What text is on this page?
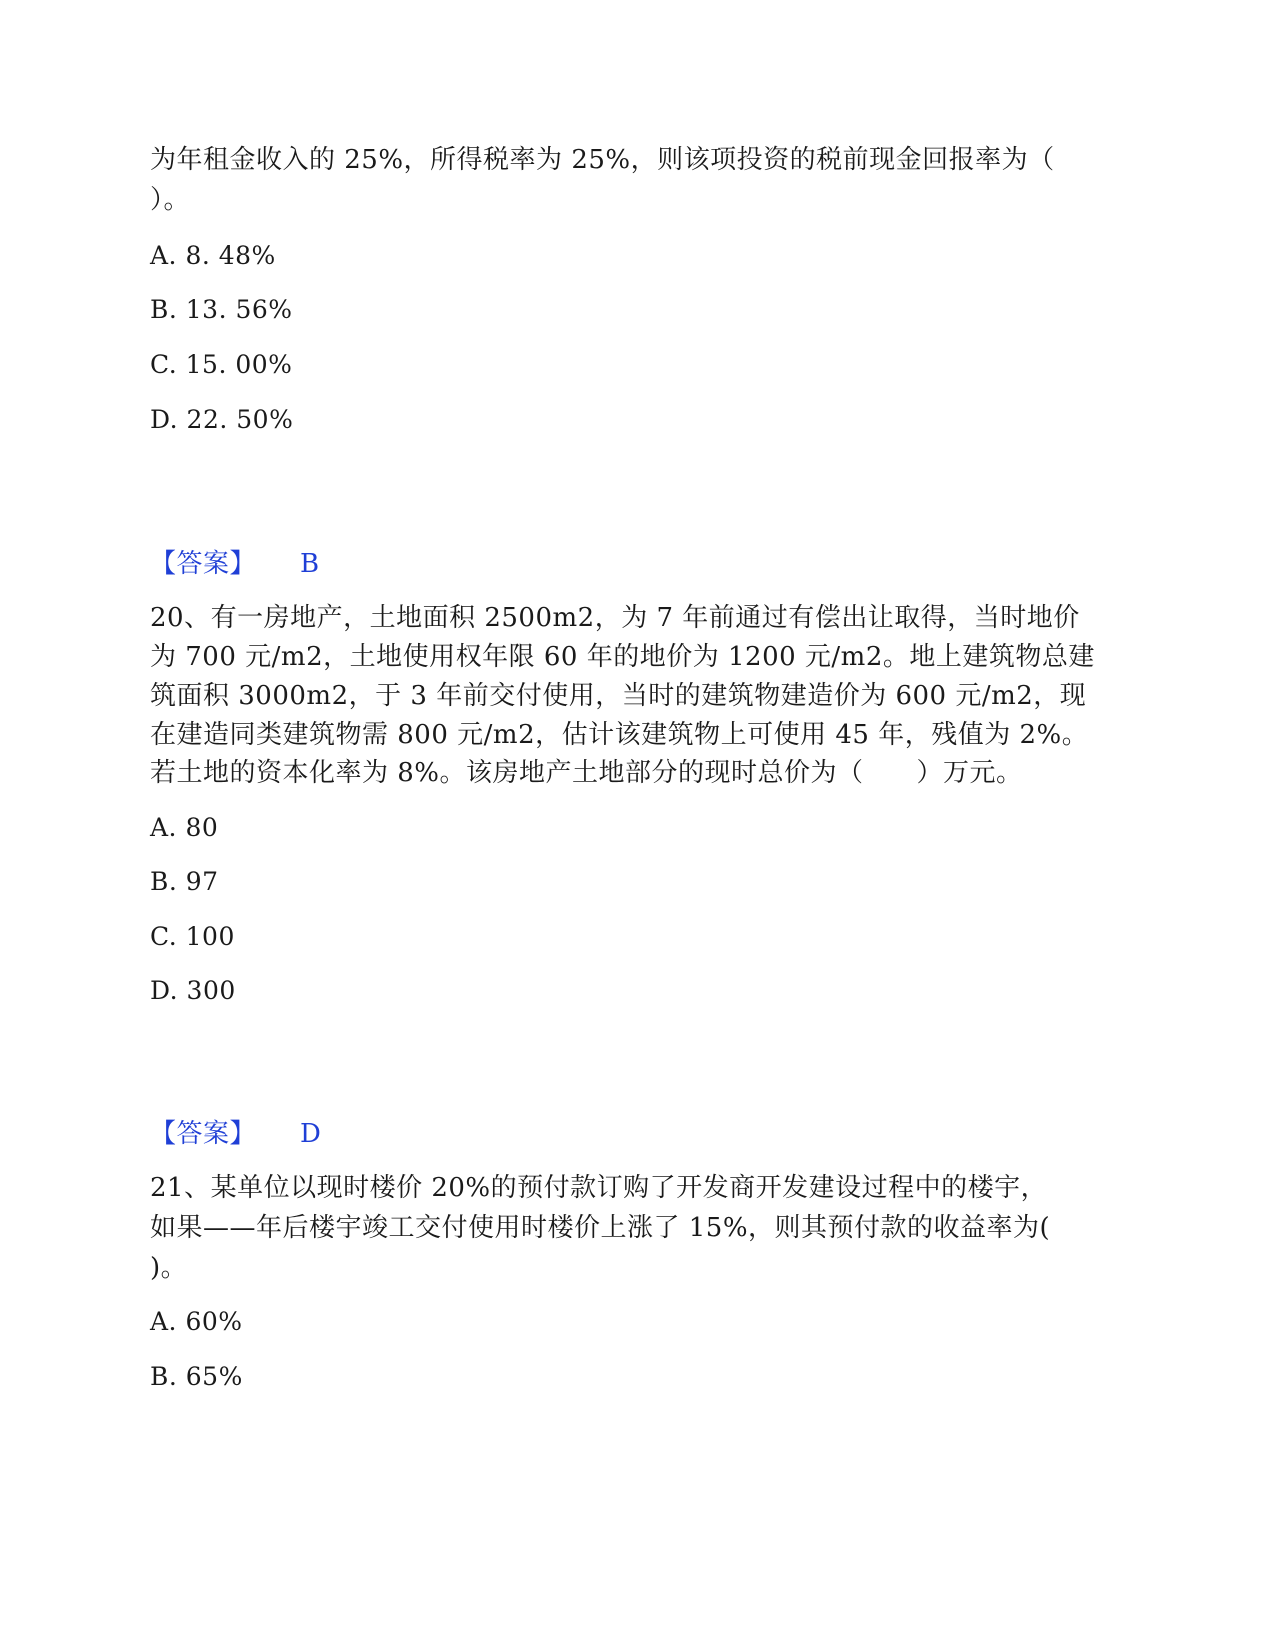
为年租金收入的 25%，所得税率为 25%，则该项投资的税前现金回报率为（
）。
A. 8. 48%
B. 13. 56%
C. 15. 00%
D. 22. 50%
【答案】 B
20、有一房地产，土地面积 2500m2，为 7 年前通过有偿出让取得，当时地价
为 700 元/m2，土地使用权年限 60 年的地价为 1200 元/m2。地上建筑物总建
筑面积 3000m2，于 3 年前交付使用，当时的建筑物建造价为 600 元/m2，现
在建造同类建筑物需 800 元/m2，估计该建筑物上可使用 45 年，残值为 2%。
若土地的资本化率为 8%。该房地产土地部分的现时总价为（　　）万元。
A. 80
B. 97
C. 100
D. 300
【答案】 D
21、某单位以现时楼价 20%的预付款订购了开发商开发建设过程中的楼宇，
如果——年后楼宇竣工交付使用时楼价上涨了 15%，则其预付款的收益率为(
)。
A. 60%
B. 65%
